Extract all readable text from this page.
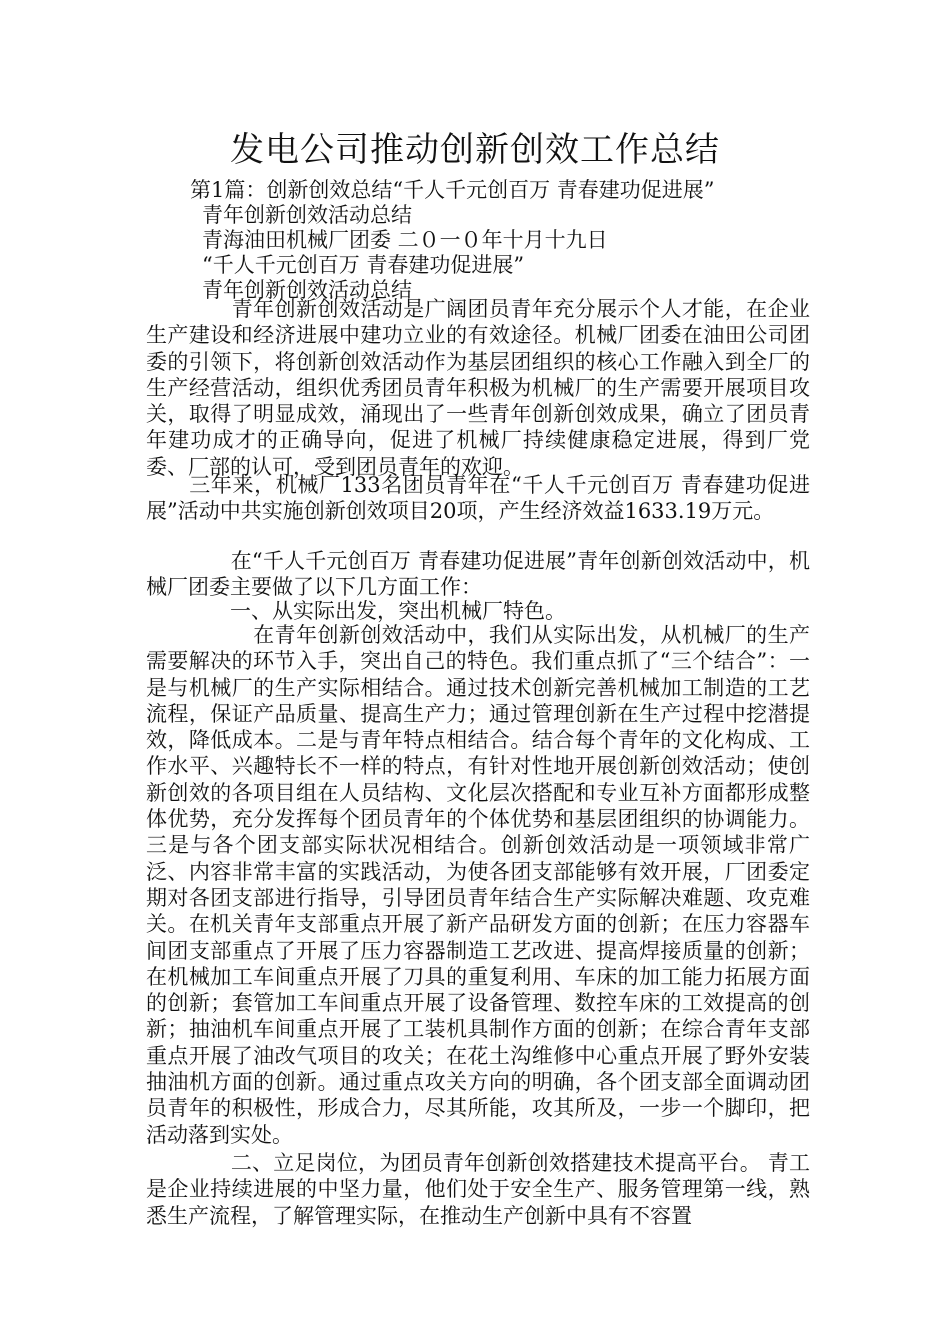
发电公司推动创新创效工作总结
第1篇：创新创效总结“千人千元创百万 青春建功促进展”
青年创新创效活动总结
青海油田机械厂团委 二０一０年十月十九日
“千人千元创百万 青春建功促进展”
青年创新创效活动总结
　　　　青年创新创效活动是广阔团员青年充分展示个人才能，在企业生产建设和经济进展中建功立业的有效途径。机械厂团委在油田公司团委的引领下，将创新创效活动作为基层团组织的核心工作融入到全厂的生产经营活动，组织优秀团员青年积极为机械厂的生产需要开展项目攻关，取得了明显成效，涌现出了一些青年创新创效成果，确立了团员青年建功成才的正确导向，促进了机械厂持续健康稳定进展，得到厂党委、厂部的认可，受到团员青年的欢迎。
　　三年来，机械厂133名团员青年在“千人千元创百万 青春建功促进展”活动中共实施创新创效项目20项，产生经济效益1633.19万元。
　　　　在“千人千元创百万 青春建功促进展”青年创新创效活动中，机械厂团委主要做了以下几方面工作：
　　　　一、从实际出发，突出机械厂特色。
　　　　　在青年创新创效活动中，我们从实际出发，从机械厂的生产需要解决的环节入手，突出自己的特色。我们重点抓了“三个结合”：一是与机械厂的生产实际相结合。通过技术创新完善机械加工制造的工艺流程，保证产品质量、提高生产力；通过管理创新在生产过程中挖潜提效，降低成本。二是与青年特点相结合。结合每个青年的文化构成、工作水平、兴趣特长不一样的特点，有针对性地开展创新创效活动；使创新创效的各项目组在人员结构、文化层次搭配和专业互补方面都形成整体优势，充分发挥每个团员青年的个体优势和基层团组织的协调能力。三是与各个团支部实际状况相结合。创新创效活动是一项领域非常广泛、内容非常丰富的实践活动，为使各团支部能够有效开展，厂团委定期对各团支部进行指导，引导团员青年结合生产实际解决难题、攻克难关。在机关青年支部重点开展了新产品研发方面的创新；在压力容器车间团支部重点了开展了压力容器制造工艺改进、提高焊接质量的创新；在机械加工车间重点开展了刀具的重复利用、车床的加工能力拓展方面的创新；套管加工车间重点开展了设备管理、数控车床的工效提高的创新；抽油机车间重点开展了工装机具制作方面的创新；在综合青年支部重点开展了油改气项目的攻关；在花土沟维修中心重点开展了野外安装抽油机方面的创新。通过重点攻关方向的明确，各个团支部全面调动团员青年的积极性，形成合力，尽其所能，攻其所及，一步一个脚印，把活动落到实处。
　　　　二、立足岗位，为团员青年创新创效搭建技术提高平台。 青工是企业持续进展的中坚力量，他们处于安全生产、服务管理第一线，熟悉生产流程，了解管理实际，在推动生产创新中具有不容置
